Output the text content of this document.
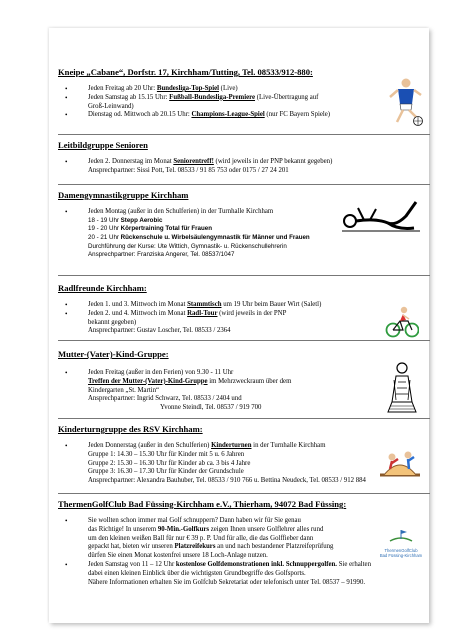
Kneipe „Cabane“, Dorfstr. 17, Kirchham/Tutting, Tel. 08533/912-880:
• Jeden Freitag ab 20 Uhr: Bundesliga-Top-Spiel (Live)
• Jeden Samstag ab 15.15 Uhr: Fußball-Bundesliga-Premiere (Live-Übertragung auf
Groß-Leinwand)
• Dienstag od. Mittwoch ab 20.15 Uhr: Champions-League-Spiel (nur FC Bayern Spiele)
Leitbildgruppe Senioren
• Jeden 2. Donnerstag im Monat Seniorentreff! (wird jeweils in der PNP bekannt gegeben)
Ansprechpartner: Sissi Pott, Tel. 08533 / 91 85 753 oder 0175 / 27 24 201
Damengymnastikgruppe Kirchham
• Jeden Montag (außer in den Schulferien) in der Turnhalle Kirchham
18 - 19 Uhr Stepp Aerobic
19 - 20 Uhr Körpertraining Total für Frauen
20 - 21 Uhr Rückenschule u. Wirbelsäulengymnastik für Männer und Frauen
Durchführung der Kurse: Ute Wittich, Gymnastik- u. Rückenschullehrerin
Ansprechpartner: Franziska Angerer, Tel. 08537/1047
Radlfreunde Kirchham:
• Jeden 1. und 3. Mittwoch im Monat Stammtisch um 19 Uhr beim Bauer Wirt (Saletl)
• Jeden 2. und 4. Mittwoch im Monat Radl-Tour (wird jeweils in der PNP
bekannt gegeben)
Ansprechpartner: Gustav Loscher, Tel. 08533 / 2364
Mutter-(Vater)-Kind-Gruppe:
• Jeden Freitag (außer in den Ferien) von 9.30 - 11 Uhr
Treffen der Mutter-(Vater)-Kind-Gruppe im Mehrzweckraum über dem
Kindergarten „St. Martin“
Ansprechpartner: Ingrid Schwarz, Tel. 08533 / 2404 und
Yvonne Steindl, Tel. 08537 / 919 700
Kinderturngruppe des RSV Kirchham:
• Jeden Donnerstag (außer in den Schulferien) Kinderturnen in der Turnhalle Kirchham
Gruppe 1: 14.30 – 15.30 Uhr für Kinder mit 5 u. 6 Jahren
Gruppe 2: 15.30 – 16.30 Uhr für Kinder ab ca. 3 bis 4 Jahre
Gruppe 3: 16.30 – 17.30 Uhr für Kinder der Grundschule
Ansprechpartner: Alexandra Bauhuber, Tel. 08533 / 910 766 u. Bettina Neudeck, Tel. 08533 / 912 884
ThermenGolfClub Bad Füssing-Kirchham e.V., Thierham, 94072 Bad Füssing:
• Sie wollten schon immer mal Golf schnuppern? Dann haben wir für Sie genau
das Richtige! In unserem 90-Min.-Golfkurs zeigen Ihnen unsere Golflehrer alles rund
um den kleinen weißen Ball für nur € 39 p. P. Und für alle, die das Golffieber dann
gepackt hat, bieten wir unseren Platzreifekurs an und nach bestandener Platzreifeprüfung
dürfen Sie einen Monat kostenfrei unsere 18 Loch-Anlage nutzen.
• Jeden Samstag von 11 – 12 Uhr kostenlose Golfdemonstrationen inkl. Schnuppergolfen. Sie erhalten
dabei einen kleinen Einblick über die wichtigsten Grundbegriffe des Golfsports.
Nähere Informationen erhalten Sie im Golfclub Sekretariat oder telefonisch unter Tel. 08537 – 91990.
ThermenGolfClub
Bad Füssing-Kirchham
